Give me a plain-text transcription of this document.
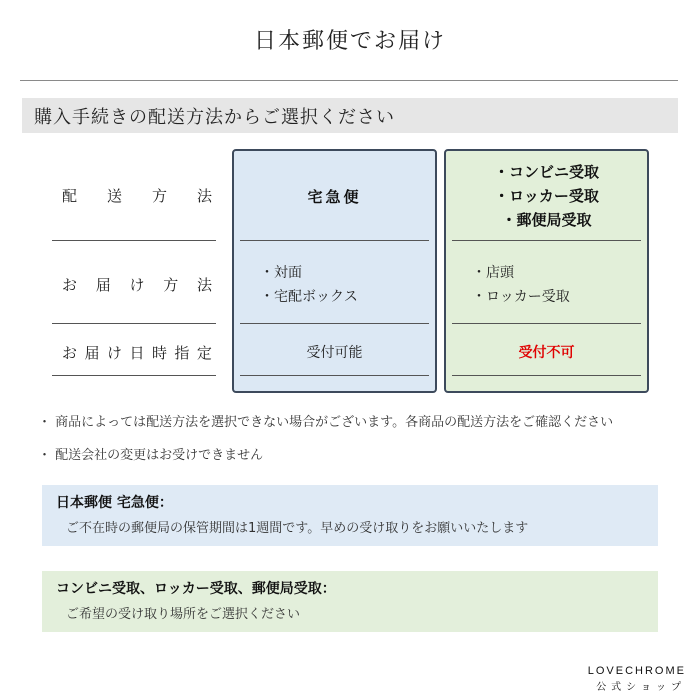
日本郵便でお届け
購入手続きの配送方法からご選択ください
配 送 方 法
お 届 け 方 法
お 届 け 日 時 指 定
宅急便
・対面
・宅配ボックス
受付可能
・コンビニ受取
・ロッカー受取
・郵便局受取
・店頭
・ロッカー受取
受付不可
・ 商品によっては配送方法を選択できない場合がございます。各商品の配送方法をご確認ください
・ 配送会社の変更はお受けできません
日本郵便 宅急便：
ご不在時の郵便局の保管期間は1週間です。早めの受け取りをお願いいたします
コンビニ受取、ロッカー受取、郵便局受取：
ご希望の受け取り場所をご選択ください
LOVECHROME
公式ショップ
